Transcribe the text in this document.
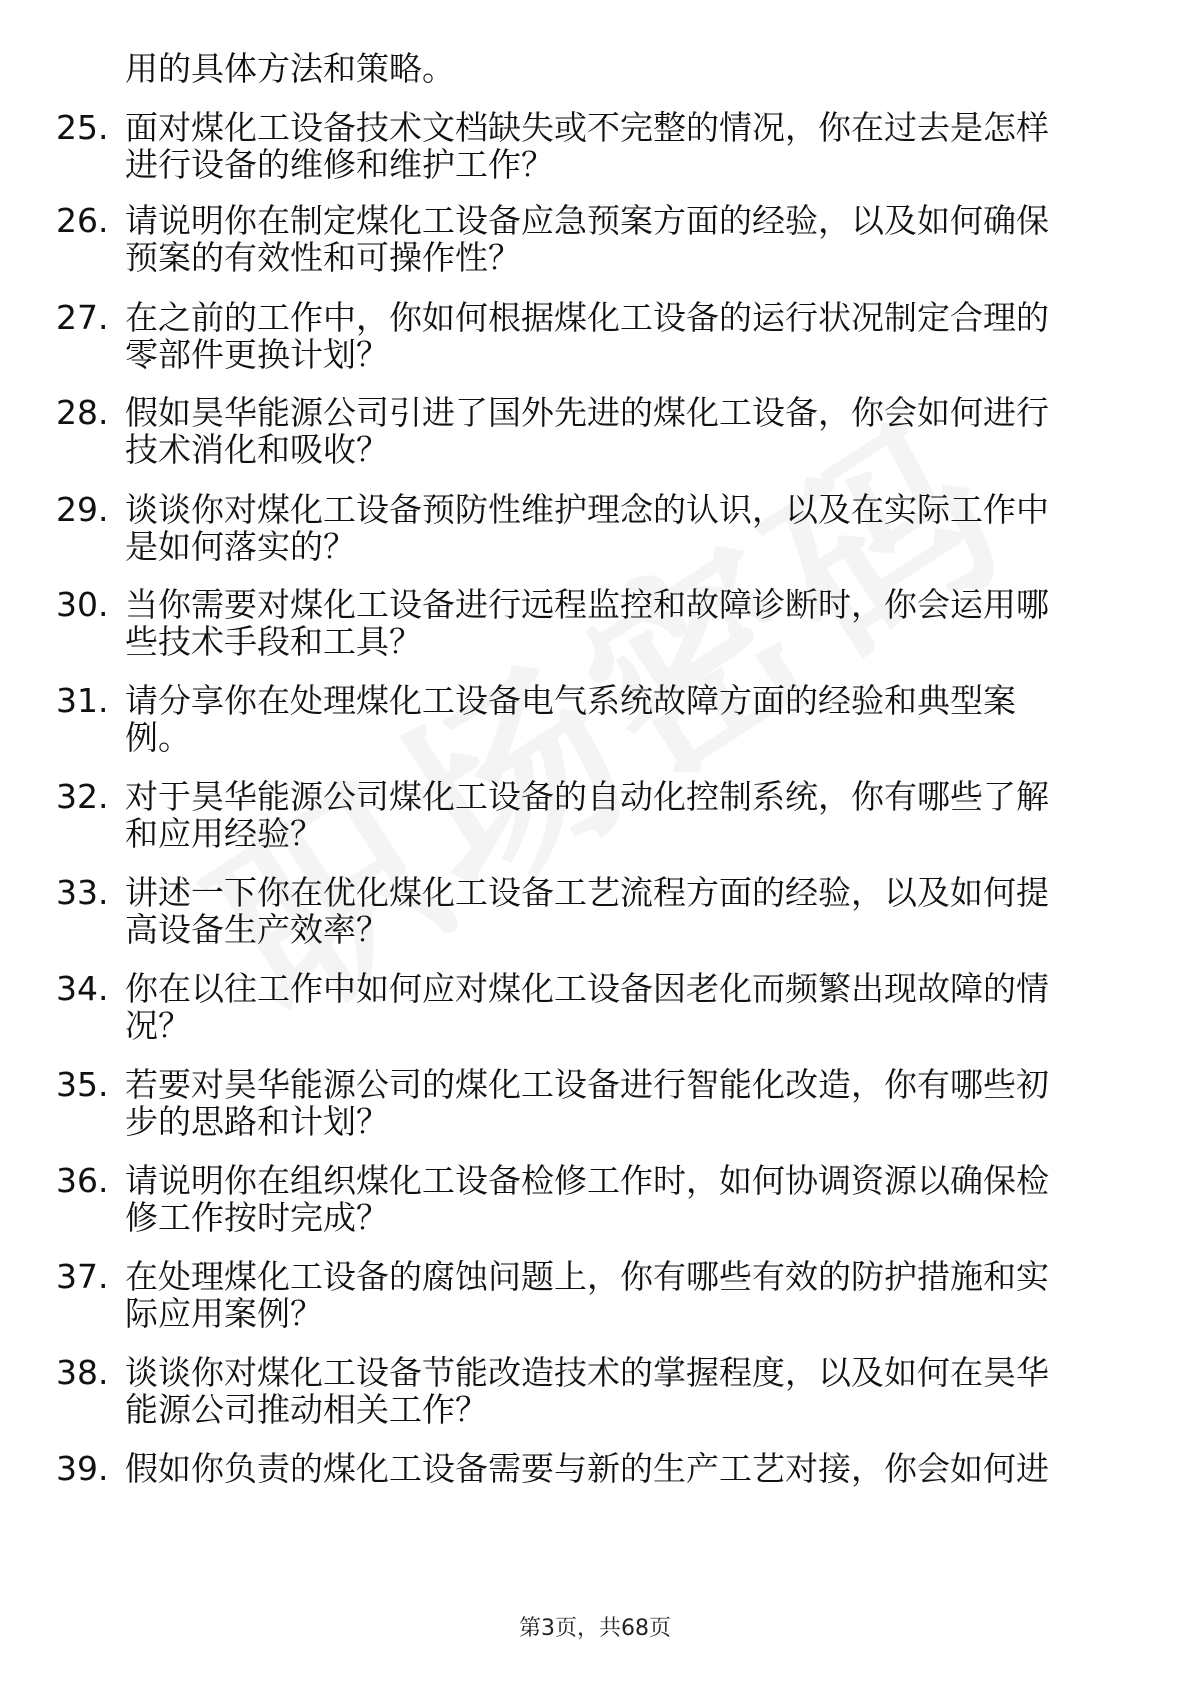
用的具体方法和策略。
25. 面对煤化工设备技术文档缺失或不完整的情况，你在过去是怎样
进行设备的维修和维护工作？
26. 请说明你在制定煤化工设备应急预案方面的经验，以及如何确保
预案的有效性和可操作性？
27. 在之前的工作中，你如何根据煤化工设备的运行状况制定合理的
零部件更换计划？
28. 假如昊华能源公司引进了国外先进的煤化工设备，你会如何进行
技术消化和吸收？
29. 谈谈你对煤化工设备预防性维护理念的认识，以及在实际工作中
是如何落实的？
30. 当你需要对煤化工设备进行远程监控和故障诊断时，你会运用哪
些技术手段和工具？
31. 请分享你在处理煤化工设备电气系统故障方面的经验和典型案
例。
32. 对于昊华能源公司煤化工设备的自动化控制系统，你有哪些了解
和应用经验？
33. 讲述一下你在优化煤化工设备工艺流程方面的经验，以及如何提
高设备生产效率？
34. 你在以往工作中如何应对煤化工设备因老化而频繁出现故障的情
况？
35. 若要对昊华能源公司的煤化工设备进行智能化改造，你有哪些初
步的思路和计划？
36. 请说明你在组织煤化工设备检修工作时，如何协调资源以确保检
修工作按时完成？
37. 在处理煤化工设备的腐蚀问题上，你有哪些有效的防护措施和实
际应用案例？
38. 谈谈你对煤化工设备节能改造技术的掌握程度，以及如何在昊华
能源公司推动相关工作？
39. 假如你负责的煤化工设备需要与新的生产工艺对接，你会如何进
第3页，共68页
